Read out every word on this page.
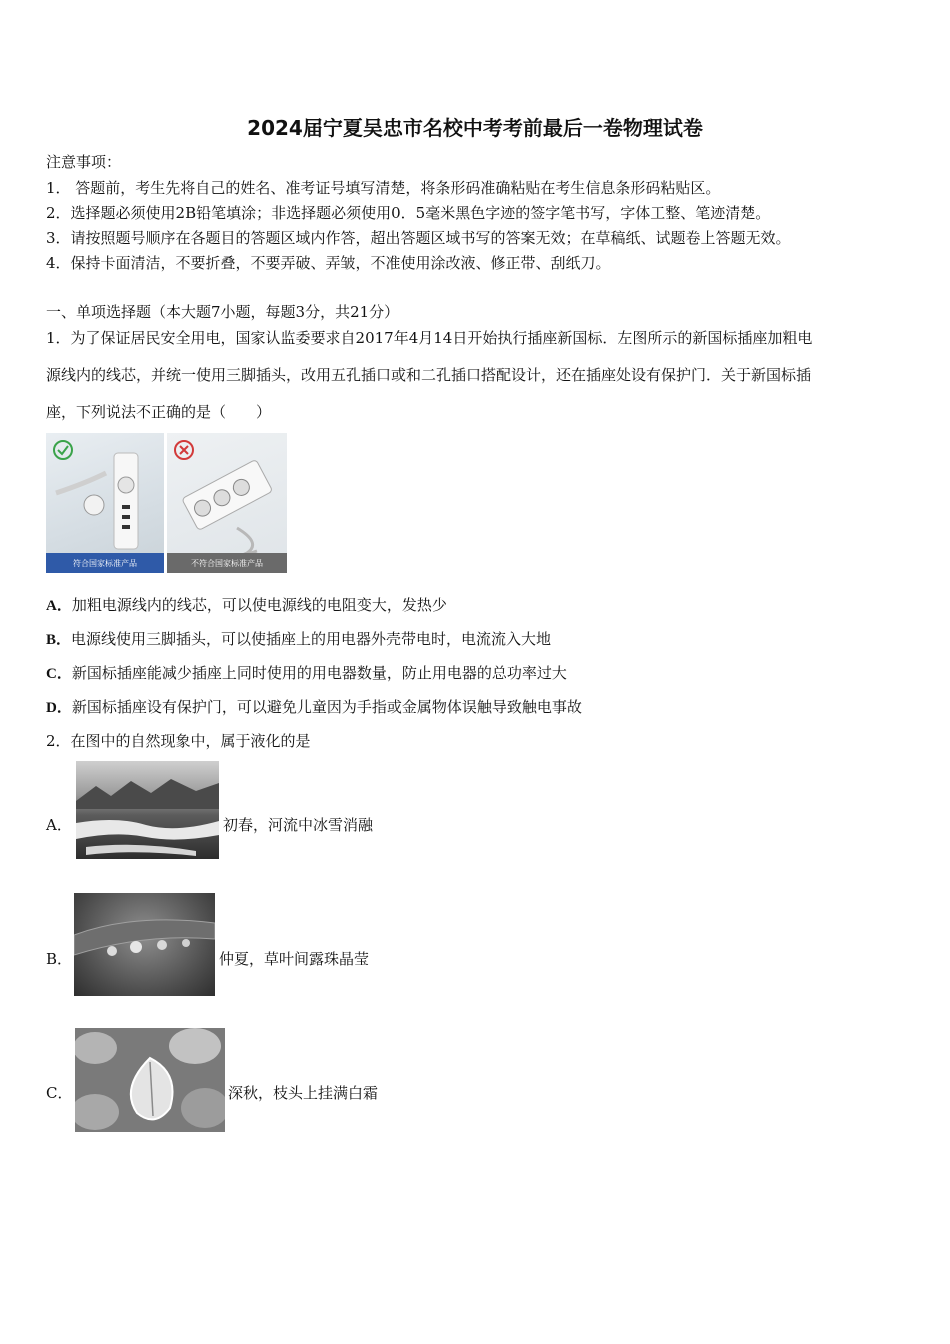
2024届宁夏吴忠市名校中考考前最后一卷物理试卷
注意事项：
1． 答题前，考生先将自己的姓名、准考证号填写清楚，将条形码准确粘贴在考生信息条形码粘贴区。
2．选择题必须使用2B铅笔填涂；非选择题必须使用0．5毫米黑色字迹的签字笔书写，字体工整、笔迹清楚。
3．请按照题号顺序在各题目的答题区域内作答，超出答题区域书写的答案无效；在草稿纸、试题卷上答题无效。
4．保持卡面清洁，不要折叠，不要弄破、弄皱，不准使用涂改液、修正带、刮纸刀。
一、单项选择题（本大题7小题，每题3分，共21分）
1．为了保证居民安全用电，国家认监委要求自2017年4月14日开始执行插座新国标．左图所示的新国标插座加粗电
源线内的线芯，并统一使用三脚插头，改用五孔插口或和二孔插口搭配设计，还在插座处设有保护门．关于新国标插
座，下列说法不正确的是（　　）
符合国家标准产品	不符合国家标准产品
A．加粗电源线内的线芯，可以使电源线的电阻变大，发热少
B．电源线使用三脚插头，可以使插座上的用电器外壳带电时，电流流入大地
C．新国标插座能减少插座上同时使用的用电器数量，防止用电器的总功率过大
D．新国标插座设有保护门，可以避免儿童因为手指或金属物体误触导致触电事故
2．在图中的自然现象中，属于液化的是
A．	初春，河流中冰雪消融
B．	仲夏，草叶间露珠晶莹
C．	深秋，枝头上挂满白霜
